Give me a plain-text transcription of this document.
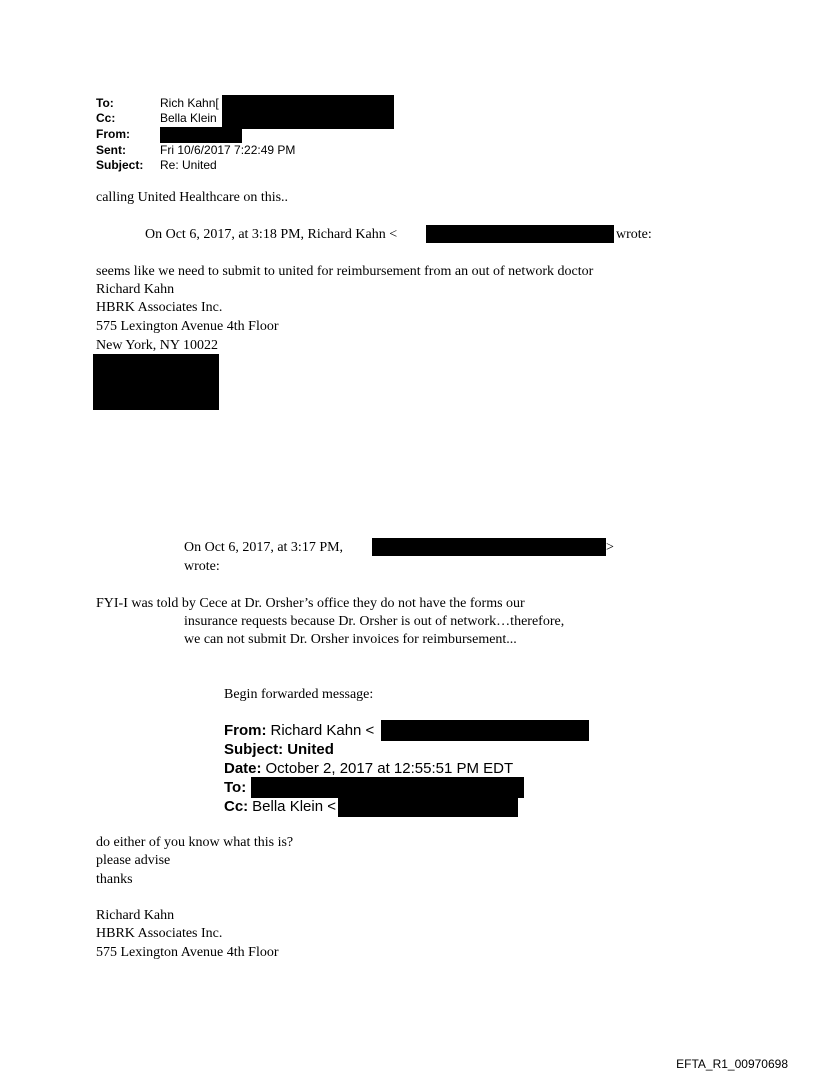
To:	Rich Kahn[
Cc:	Bella Klein
From:
Sent:	Fri 10/6/2017 7:22:49 PM
Subject: Re: United
calling United Healthcare on this..
On Oct 6, 2017, at 3:18 PM, Richard Kahn <	wrote:
seems like we need to submit to united for reimbursement from an out of network doctor
Richard Kahn
HBRK Associates Inc.
575 Lexington Avenue 4th Floor
New York, NY 10022
On Oct 6, 2017, at 3:17 PM,	>
wrote:
FYI-I was told by Cece at Dr. Orsher’s office they do not have the forms our
insurance requests because Dr. Orsher is out of network…therefore,
we can not submit Dr. Orsher invoices for reimbursement...
Begin forwarded message:
From: Richard Kahn <
Subject: United
Date: October 2, 2017 at 12:55:51 PM EDT
To:
Cc: Bella Klein <
do either of you know what this is?
please advise
thanks
Richard Kahn
HBRK Associates Inc.
575 Lexington Avenue 4th Floor
EFTA_R1_00970698
